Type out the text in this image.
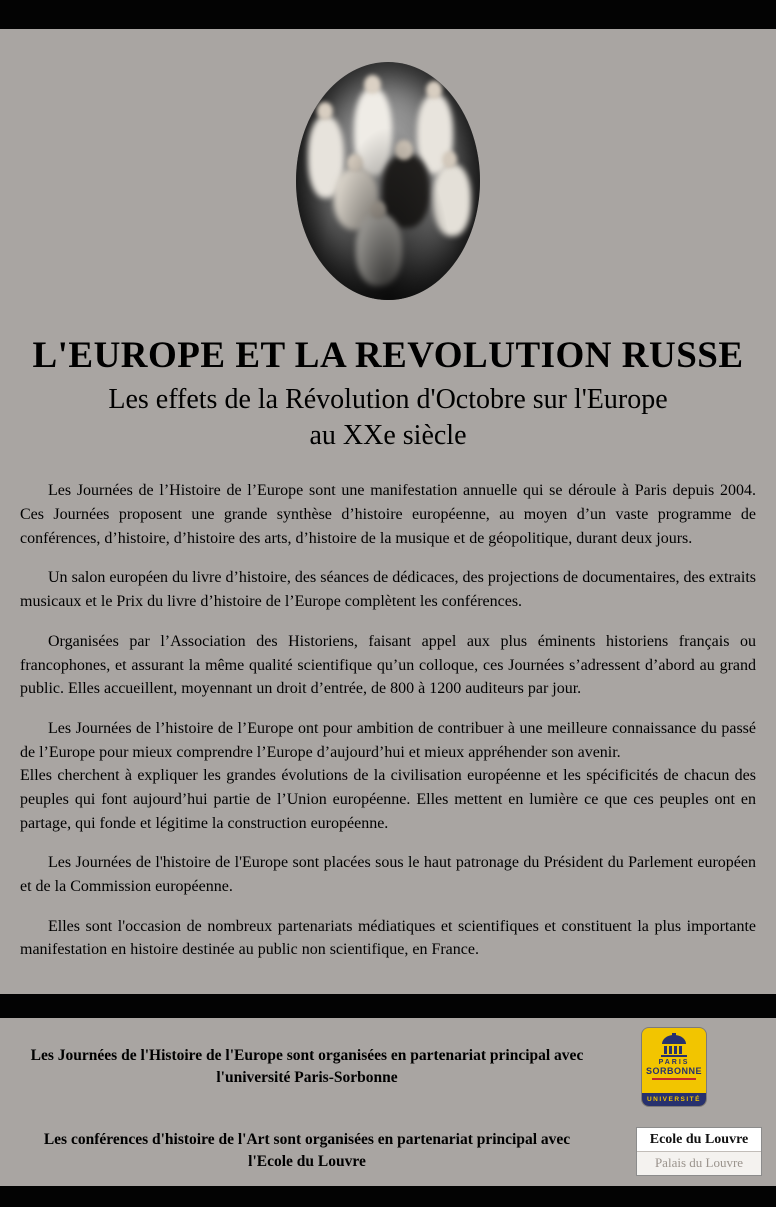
L'EUROPE ET LA REVOLUTION RUSSE
Les effets de la Révolution d'Octobre sur l'Europe
au XXe siècle

Les Journées de l’Histoire de l’Europe sont une manifestation annuelle qui se déroule à Paris depuis 2004. Ces Journées proposent une grande synthèse d’histoire européenne, au moyen d’un vaste programme de conférences, d’histoire, d’histoire des arts, d’histoire de la musique et de géopolitique, durant deux jours.

Un salon européen du livre d’histoire, des séances de dédicaces, des projections de documentaires, des extraits musicaux et le Prix du livre d’histoire de l’Europe complètent les conférences.

Organisées par l’Association des Historiens, faisant appel aux plus éminents historiens français ou francophones, et assurant la même qualité scientifique qu’un colloque, ces Journées s’adressent d’abord au grand public. Elles accueillent, moyennant un droit d’entrée, de 800 à 1200 auditeurs par jour.

Les Journées de l’histoire de l’Europe ont pour ambition de contribuer à une meilleure connaissance du passé de l’Europe pour mieux comprendre l’Europe d’aujourd’hui et mieux appréhender son avenir.

Elles cherchent à expliquer les grandes évolutions de la civilisation européenne et les spécificités de chacun des peuples qui font aujourd’hui partie de l’Union européenne. Elles mettent en lumière ce que ces peuples ont en partage, qui fonde et légitime la construction européenne.

Les Journées de l'histoire de l'Europe sont placées sous le haut patronage du Président du Parlement européen et de la Commission européenne.

Elles sont l'occasion de nombreux partenariats médiatiques et scientifiques et constituent la plus importante manifestation en histoire destinée au public non scientifique, en France.

Les Journées de l'Histoire de l'Europe sont organisées en partenariat principal avec
l'université Paris-Sorbonne
PARIS
SORBONNE
UNIVERSITÉ
Les conférences d'histoire de l'Art sont organisées en partenariat principal avec
l'Ecole du Louvre
Ecole du Louvre
Palais du Louvre
